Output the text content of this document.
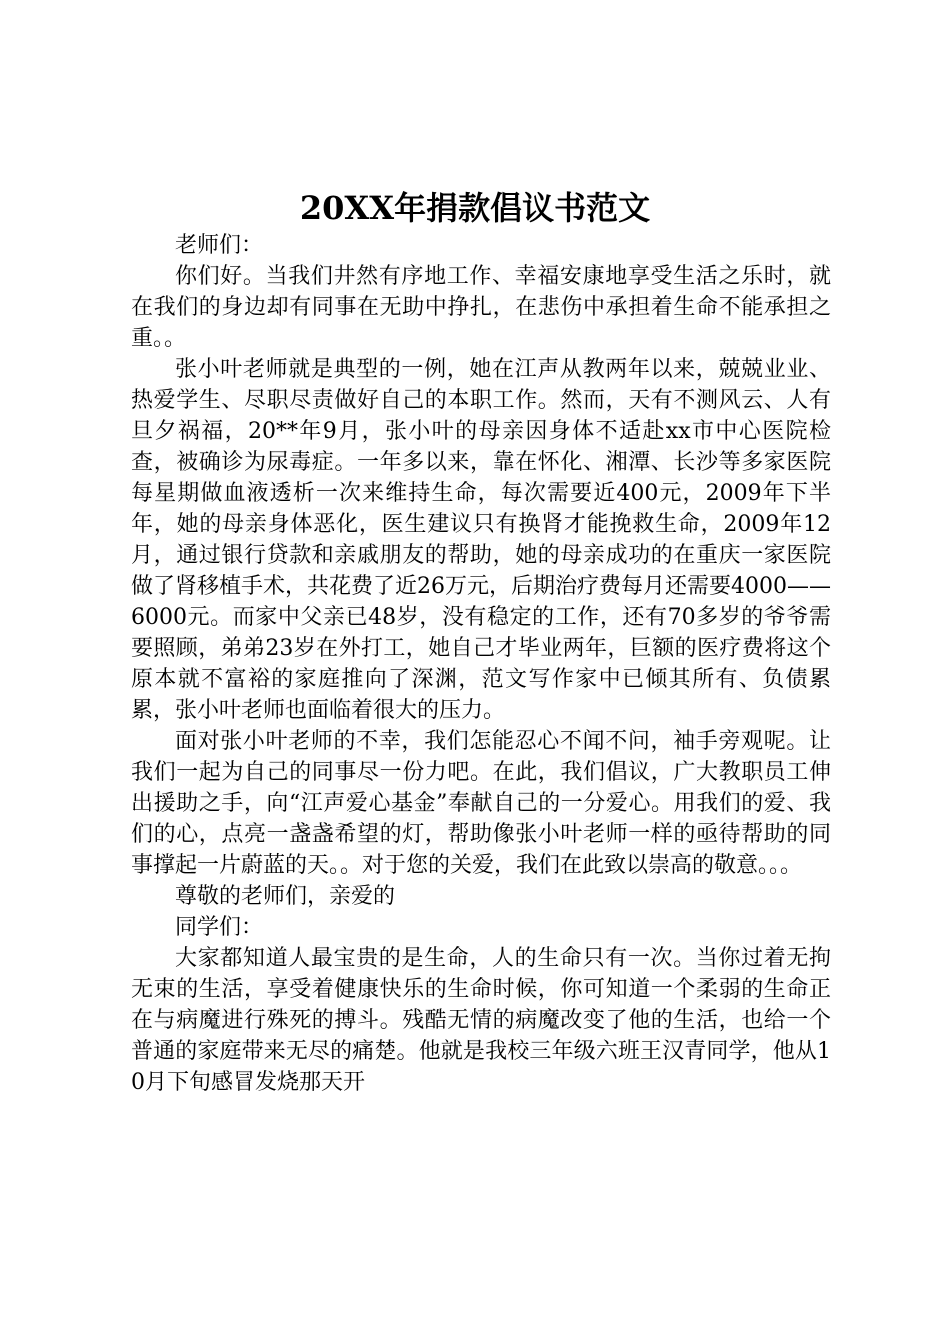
20XX年捐款倡议书范文

老师们：

你们好。当我们井然有序地工作、幸福安康地享受生活之乐时，就在我们的身边却有同事在无助中挣扎，在悲伤中承担着生命不能承担之重。。

张小叶老师就是典型的一例，她在江声从教两年以来，兢兢业业、热爱学生、尽职尽责做好自己的本职工作。然而，天有不测风云、人有旦夕祸福，20**年9月，张小叶的母亲因身体不适赴xx市中心医院检查，被确诊为尿毒症。一年多以来，靠在怀化、湘潭、长沙等多家医院每星期做血液透析一次来维持生命，每次需要近400元，2009年下半年，她的母亲身体恶化，医生建议只有换肾才能挽救生命，2009年12月，通过银行贷款和亲戚朋友的帮助，她的母亲成功的在重庆一家医院做了肾移植手术，共花费了近26万元，后期治疗费每月还需要4000——6000元。而家中父亲已48岁，没有稳定的工作，还有70多岁的爷爷需要照顾，弟弟23岁在外打工，她自己才毕业两年，巨额的医疗费将这个原本就不富裕的家庭推向了深渊，范文写作家中已倾其所有、负债累累，张小叶老师也面临着很大的压力。

面对张小叶老师的不幸，我们怎能忍心不闻不问，袖手旁观呢。让我们一起为自己的同事尽一份力吧。在此，我们倡议，广大教职员工伸出援助之手，向“江声爱心基金”奉献自己的一分爱心。用我们的爱、我们的心，点亮一盏盏希望的灯，帮助像张小叶老师一样的亟待帮助的同事撑起一片蔚蓝的天。。对于您的关爱，我们在此致以崇高的敬意。。。

尊敬的老师们，亲爱的

同学们：

大家都知道人最宝贵的是生命，人的生命只有一次。当你过着无拘无束的生活，享受着健康快乐的生命时候，你可知道一个柔弱的生命正在与病魔进行殊死的搏斗。残酷无情的病魔改变了他的生活，也给一个普通的家庭带来无尽的痛楚。他就是我校三年级六班王汉青同学，他从10月下旬感冒发烧那天开
